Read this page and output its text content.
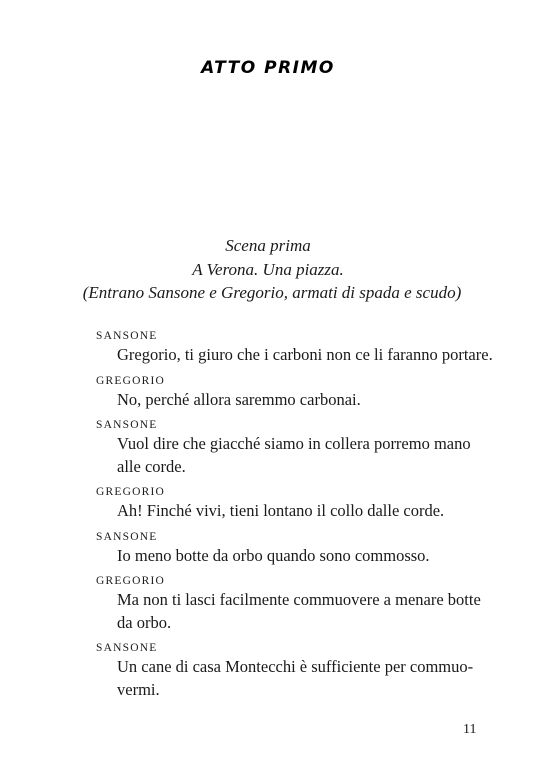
ATTO PRIMO
Scena prima
A Verona. Una piazza.
(Entrano Sansone e Gregorio, armati di spada e scudo)
SANSONE
Gregorio, ti giuro che i carboni non ce li faranno portare.
GREGORIO
No, perché allora saremmo carbonai.
SANSONE
Vuol dire che giacché siamo in collera porremo mano
alle corde.
GREGORIO
Ah! Finché vivi, tieni lontano il collo dalle corde.
SANSONE
Io meno botte da orbo quando sono commosso.
GREGORIO
Ma non ti lasci facilmente commuovere a menare botte
da orbo.
SANSONE
Un cane di casa Montecchi è sufficiente per commuo-
vermi.
11
